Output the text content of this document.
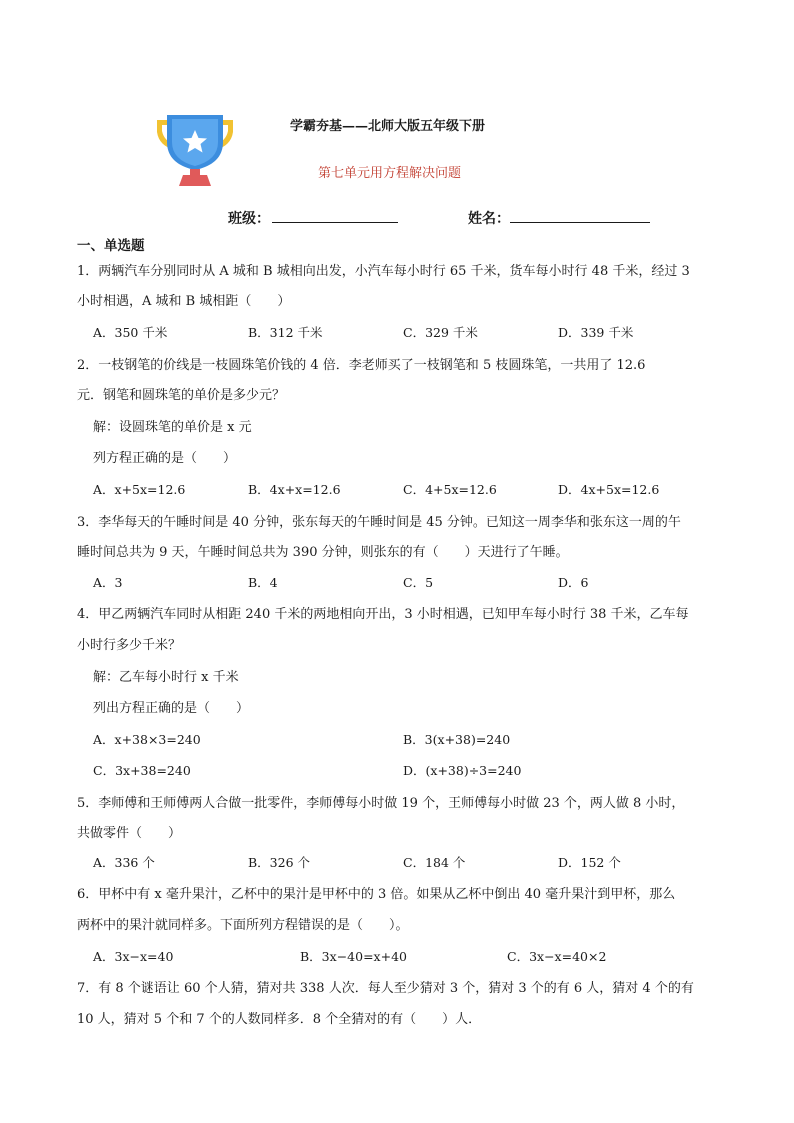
学霸夯基——北师大版五年级下册
第七单元用方程解决问题
班级：	姓名：
一、单选题
1．两辆汽车分别同时从 A 城和 B 城相向出发，小汽车每小时行 65 千米，货车每小时行 48 千米，经过 3
小时相遇，A 城和 B 城相距（　　）
A．350 千米	B．312 千米	C．329 千米	D．339 千米
2．一枝钢笔的价线是一枝圆珠笔价钱的 4 倍．李老师买了一枝钢笔和 5 枝圆珠笔，一共用了 12.6
元．钢笔和圆珠笔的单价是多少元？
解：设圆珠笔的单价是 x 元
列方程正确的是（　　）
A．x+5x=12.6	B．4x+x=12.6	C．4+5x=12.6	D．4x+5x=12.6
3．李华每天的午睡时间是 40 分钟，张东每天的午睡时间是 45 分钟。已知这一周李华和张东这一周的午
睡时间总共为 9 天，午睡时间总共为 390 分钟，则张东的有（　　）天进行了午睡。
A．3	B．4	C．5	D．6
4．甲乙两辆汽车同时从相距 240 千米的两地相向开出，3 小时相遇，已知甲车每小时行 38 千米，乙车每
小时行多少千米？
解：乙车每小时行 x 千米
列出方程正确的是（　　）
A．x+38×3=240	B．3(x+38)=240
C．3x+38=240	D．(x+38)÷3=240
5．李师傅和王师傅两人合做一批零件，李师傅每小时做 19 个，王师傅每小时做 23 个，两人做 8 小时，
共做零件（　　）
A．336 个	B．326 个	C．184 个	D．152 个
6．甲杯中有 x 毫升果汁，乙杯中的果汁是甲杯中的 3 倍。如果从乙杯中倒出 40 毫升果汁到甲杯，那么
两杯中的果汁就同样多。下面所列方程错误的是（　　）。
A．3x−x=40	B．3x−40=x+40	C．3x−x=40×2
7．有 8 个谜语让 60 个人猜，猜对共 338 人次．每人至少猜对 3 个，猜对 3 个的有 6 人，猜对 4 个的有
10 人，猜对 5 个和 7 个的人数同样多．8 个全猜对的有（　　）人．
